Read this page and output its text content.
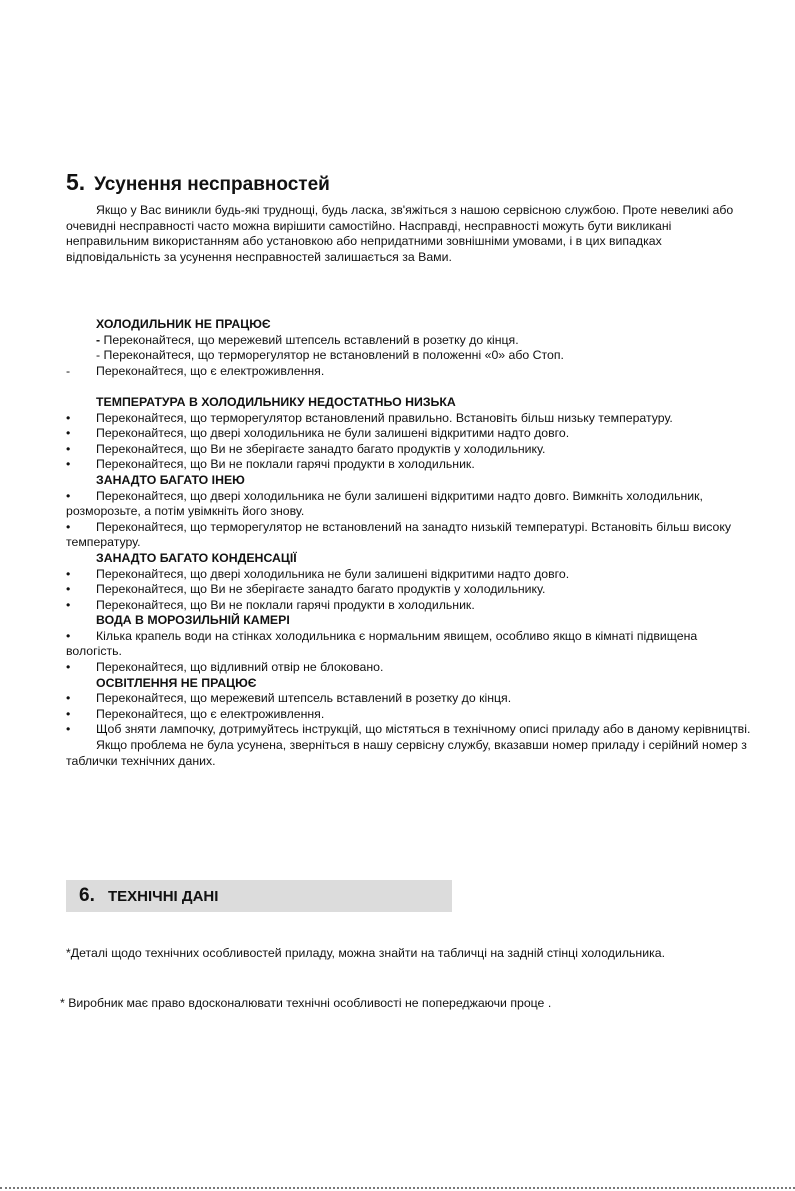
5. Усунення несправностей

Якщо у Вас виникли будь-які труднощі, будь ласка, зв'яжіться з нашою сервісною службою. Проте невеликі або очевидні несправності часто можна вирішити самостійно. Насправді, несправності можуть бути викликані неправильним використанням або установкою або непридатними зовнішніми умовами, і в цих випадках відповідальність за усунення несправностей залишається за Вами.

ХОЛОДИЛЬНИК НЕ ПРАЦЮЄ

- Переконайтеся, що мережевий штепсель вставлений в розетку до кінця.

- Переконайтеся, що терморегулятор не встановлений в положенні «0» або Стоп.

- Переконайтеся, що є електроживлення.

ТЕМПЕРАТУРА В ХОЛОДИЛЬНИКУ НЕДОСТАТНЬО НИЗЬКА

• Переконайтеся, що терморегулятор встановлений правильно. Встановіть більш низьку температуру.

• Переконайтеся, що двері холодильника не були залишені відкритими надто довго.

• Переконайтеся, що Ви не зберігаєте занадто багато продуктів у холодильнику.

• Переконайтеся, що Ви не поклали гарячі продукти в холодильник.

ЗАНАДТО БАГАТО ІНЕЮ

• Переконайтеся, що двері холодильника не були залишені відкритими надто довго. Вимкніть холодильник, розморозьте, а потім увімкніть його знову.

• Переконайтеся, що терморегулятор не встановлений на занадто низькій температурі. Встановіть більш високу температуру.

ЗАНАДТО БАГАТО КОНДЕНСАЦІЇ

• Переконайтеся, що двері холодильника не були залишені відкритими надто довго.

• Переконайтеся, що Ви не зберігаєте занадто багато продуктів у холодильнику.

• Переконайтеся, що Ви не поклали гарячі продукти в холодильник.

ВОДА В МОРОЗИЛЬНІЙ КАМЕРІ

• Кілька крапель води на стінках холодильника є нормальним явищем, особливо якщо в кімнаті підвищена вологість.

• Переконайтеся, що відливний отвір не блоковано.

ОСВІТЛЕННЯ НЕ ПРАЦЮЄ

• Переконайтеся, що мережевий штепсель вставлений в розетку до кінця.

• Переконайтеся, що є електроживлення.

• Щоб зняти лампочку, дотримуйтесь інструкцій, що містяться в технічному описі приладу або в даному керівництві.

Якщо проблема не була усунена, зверніться в нашу сервісну службу, вказавши номер приладу і серійний номер з таблички технічних даних.

6. ТЕХНІЧНІ ДАНІ

*Деталі щодо технічних особливостей приладу, можна знайти на табличці на задній стінці холодильника.

* Виробник має право вдосконалювати технічні особливості не попереджаючи проце .
